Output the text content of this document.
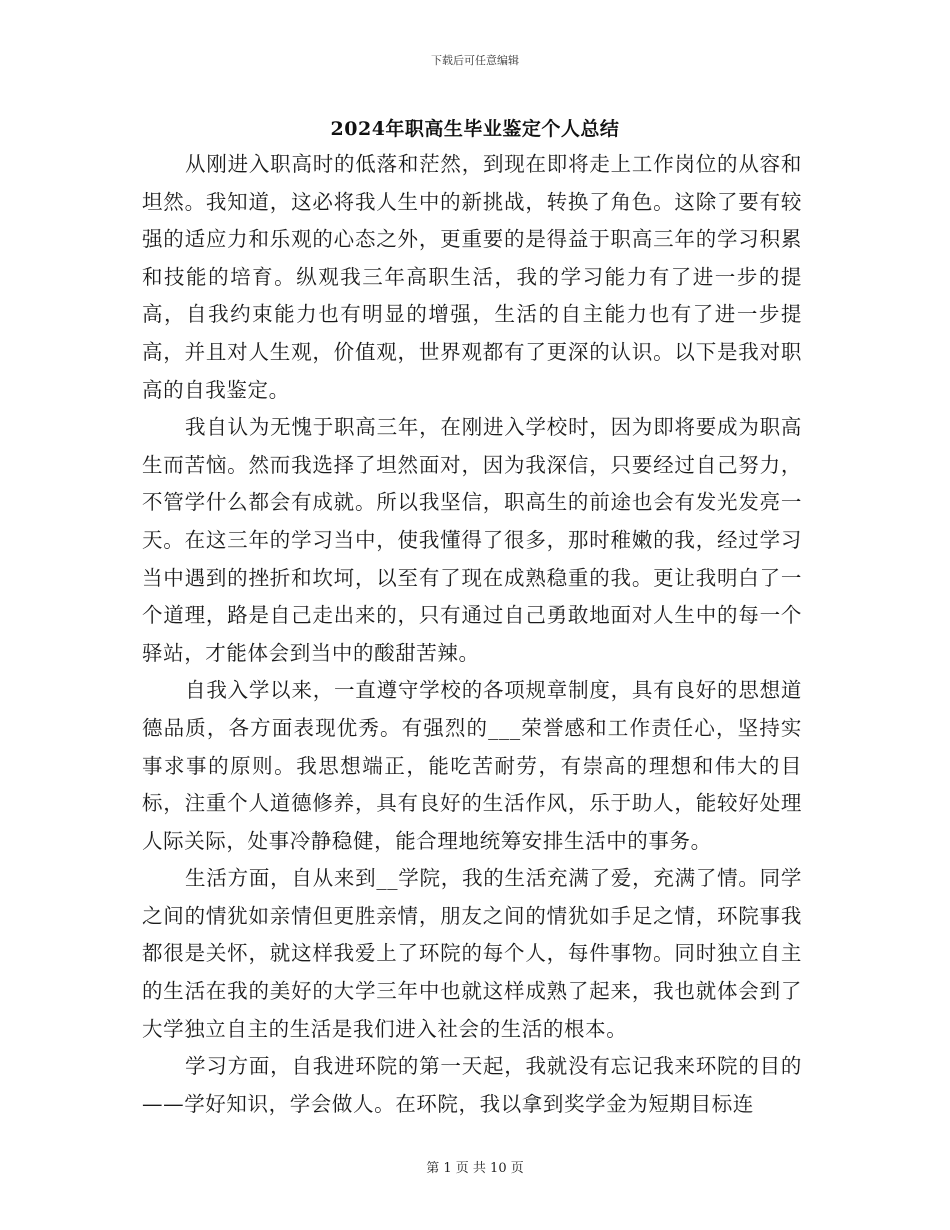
下载后可任意编辑
2024年职高生毕业鉴定个人总结

从刚进入职高时的低落和茫然，到现在即将走上工作岗位的从容和坦然。我知道，这必将我人生中的新挑战，转换了角色。这除了要有较强的适应力和乐观的心态之外，更重要的是得益于职高三年的学习积累和技能的培育。纵观我三年高职生活，我的学习能力有了进一步的提高，自我约束能力也有明显的增强，生活的自主能力也有了进一步提高，并且对人生观，价值观，世界观都有了更深的认识。以下是我对职高的自我鉴定。

我自认为无愧于职高三年，在刚进入学校时，因为即将要成为职高生而苦恼。然而我选择了坦然面对，因为我深信，只要经过自己努力，不管学什么都会有成就。所以我坚信，职高生的前途也会有发光发亮一天。在这三年的学习当中，使我懂得了很多，那时稚嫩的我，经过学习当中遇到的挫折和坎坷，以至有了现在成熟稳重的我。更让我明白了一个道理，路是自己走出来的，只有通过自己勇敢地面对人生中的每一个驿站，才能体会到当中的酸甜苦辣。

自我入学以来，一直遵守学校的各项规章制度，具有良好的思想道德品质，各方面表现优秀。有强烈的___荣誉感和工作责任心，坚持实事求事的原则。我思想端正，能吃苦耐劳，有崇高的理想和伟大的目标，注重个人道德修养，具有良好的生活作风，乐于助人，能较好处理人际关际，处事冷静稳健，能合理地统筹安排生活中的事务。

生活方面，自从来到__学院，我的生活充满了爱，充满了情。同学之间的情犹如亲情但更胜亲情，朋友之间的情犹如手足之情，环院事我都很是关怀，就这样我爱上了环院的每个人，每件事物。同时独立自主的生活在我的美好的大学三年中也就这样成熟了起来，我也就体会到了大学独立自主的生活是我们进入社会的生活的根本。

学习方面，自我进环院的第一天起，我就没有忘记我来环院的目的——学好知识，学会做人。在环院，我以拿到奖学金为短期目标连

第 1 页 共 10 页
